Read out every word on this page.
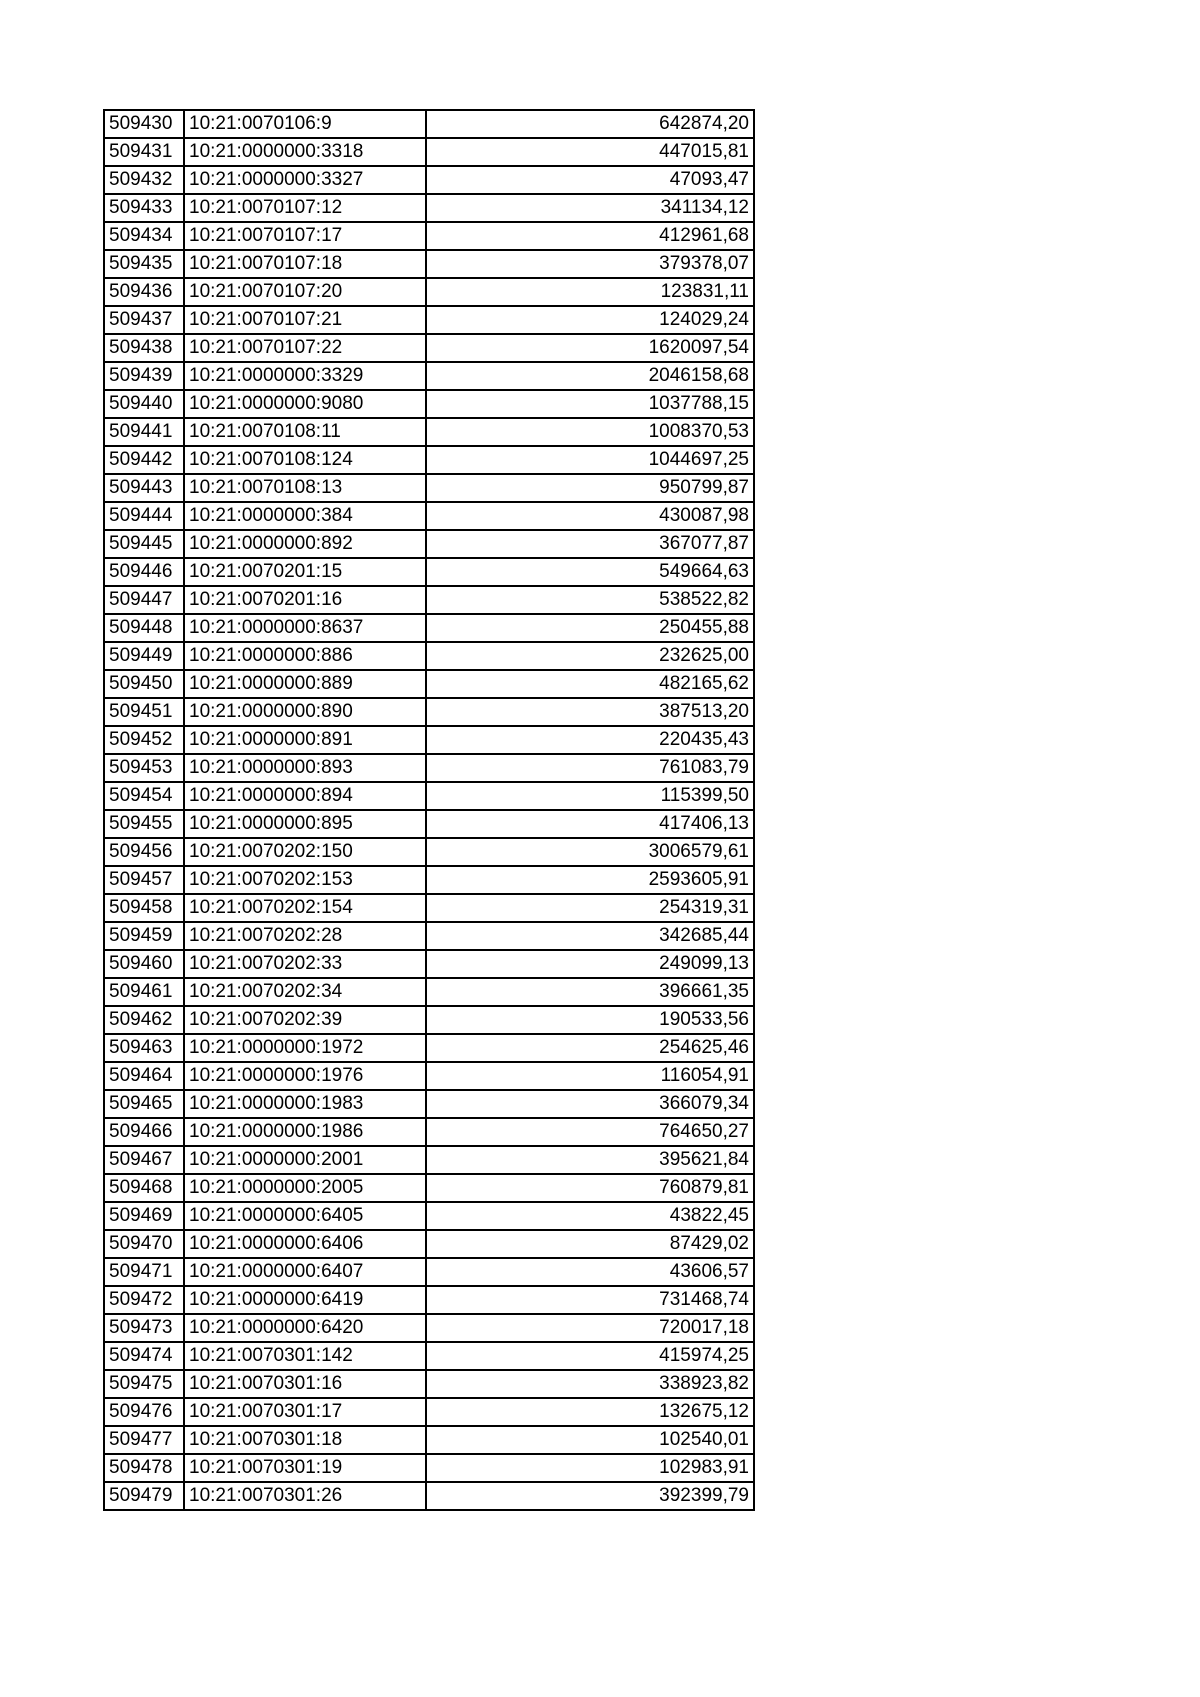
509430	10:21:0070106:9	642874,20
509431	10:21:0000000:3318	447015,81
509432	10:21:0000000:3327	47093,47
509433	10:21:0070107:12	341134,12
509434	10:21:0070107:17	412961,68
509435	10:21:0070107:18	379378,07
509436	10:21:0070107:20	123831,11
509437	10:21:0070107:21	124029,24
509438	10:21:0070107:22	1620097,54
509439	10:21:0000000:3329	2046158,68
509440	10:21:0000000:9080	1037788,15
509441	10:21:0070108:11	1008370,53
509442	10:21:0070108:124	1044697,25
509443	10:21:0070108:13	950799,87
509444	10:21:0000000:384	430087,98
509445	10:21:0000000:892	367077,87
509446	10:21:0070201:15	549664,63
509447	10:21:0070201:16	538522,82
509448	10:21:0000000:8637	250455,88
509449	10:21:0000000:886	232625,00
509450	10:21:0000000:889	482165,62
509451	10:21:0000000:890	387513,20
509452	10:21:0000000:891	220435,43
509453	10:21:0000000:893	761083,79
509454	10:21:0000000:894	115399,50
509455	10:21:0000000:895	417406,13
509456	10:21:0070202:150	3006579,61
509457	10:21:0070202:153	2593605,91
509458	10:21:0070202:154	254319,31
509459	10:21:0070202:28	342685,44
509460	10:21:0070202:33	249099,13
509461	10:21:0070202:34	396661,35
509462	10:21:0070202:39	190533,56
509463	10:21:0000000:1972	254625,46
509464	10:21:0000000:1976	116054,91
509465	10:21:0000000:1983	366079,34
509466	10:21:0000000:1986	764650,27
509467	10:21:0000000:2001	395621,84
509468	10:21:0000000:2005	760879,81
509469	10:21:0000000:6405	43822,45
509470	10:21:0000000:6406	87429,02
509471	10:21:0000000:6407	43606,57
509472	10:21:0000000:6419	731468,74
509473	10:21:0000000:6420	720017,18
509474	10:21:0070301:142	415974,25
509475	10:21:0070301:16	338923,82
509476	10:21:0070301:17	132675,12
509477	10:21:0070301:18	102540,01
509478	10:21:0070301:19	102983,91
509479	10:21:0070301:26	392399,79
